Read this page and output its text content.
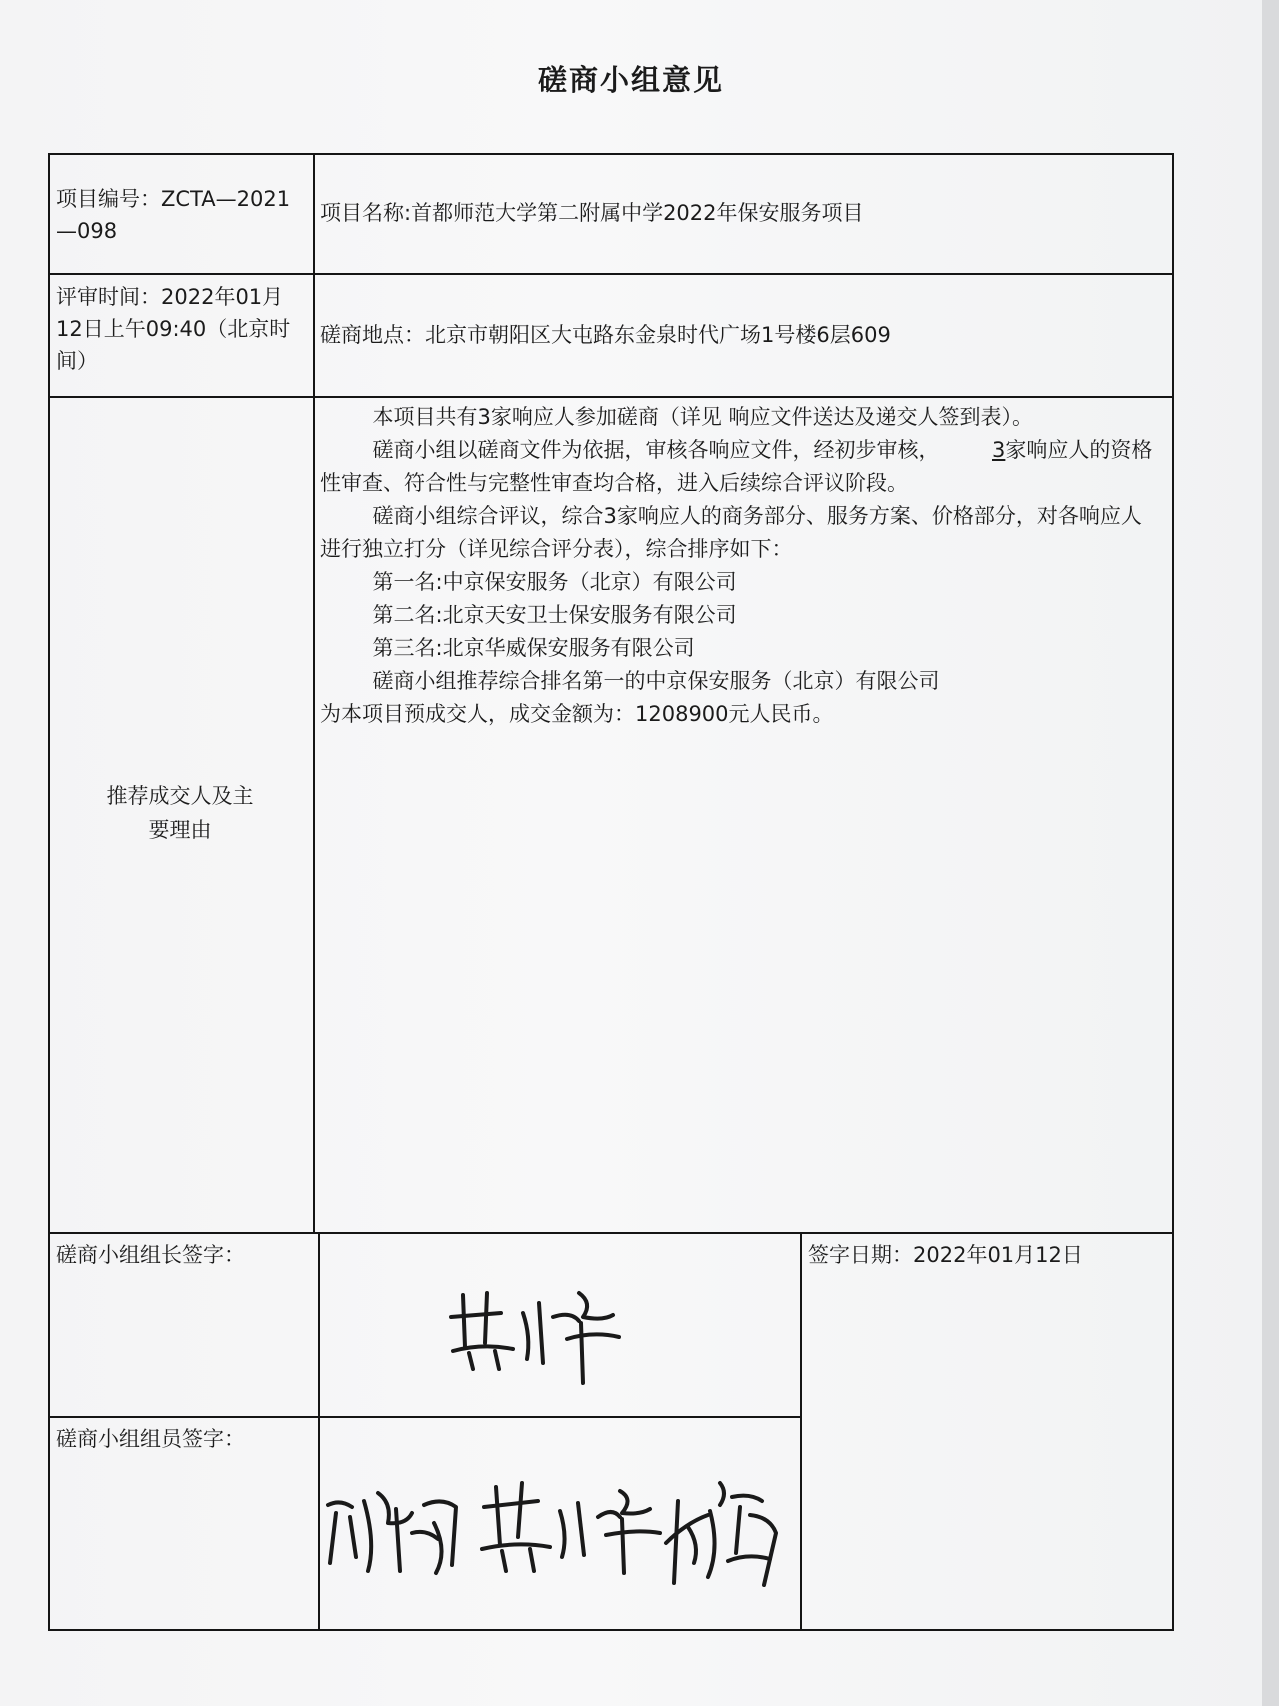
磋商小组意见
项目编号：ZCTA—2021—098
项目名称:首都师范大学第二附属中学2022年保安服务项目
评审时间：2022年01月12日上午09:40（北京时间）
磋商地点：北京市朝阳区大屯路东金泉时代广场1号楼6层609
推荐成交人及主要理由

本项目共有3家响应人参加磋商（详见 响应文件送达及递交人签到表）。

磋商小组以磋商文件为依据，审核各响应文件，经初步审核，	3家响应人的资格性审查、符合性与完整性审查均合格，进入后续综合评议阶段。

磋商小组综合评议，综合3家响应人的商务部分、服务方案、价格部分，对各响应人进行独立打分（详见综合评分表），综合排序如下：

第一名:中京保安服务（北京）有限公司

第二名:北京天安卫士保安服务有限公司

第三名:北京华威保安服务有限公司

磋商小组推荐综合排名第一的中京保安服务（北京）有限公司

为本项目预成交人，成交金额为：1208900元人民币。

磋商小组组长签字：	签字日期：2022年01月12日
磋商小组组员签字：
